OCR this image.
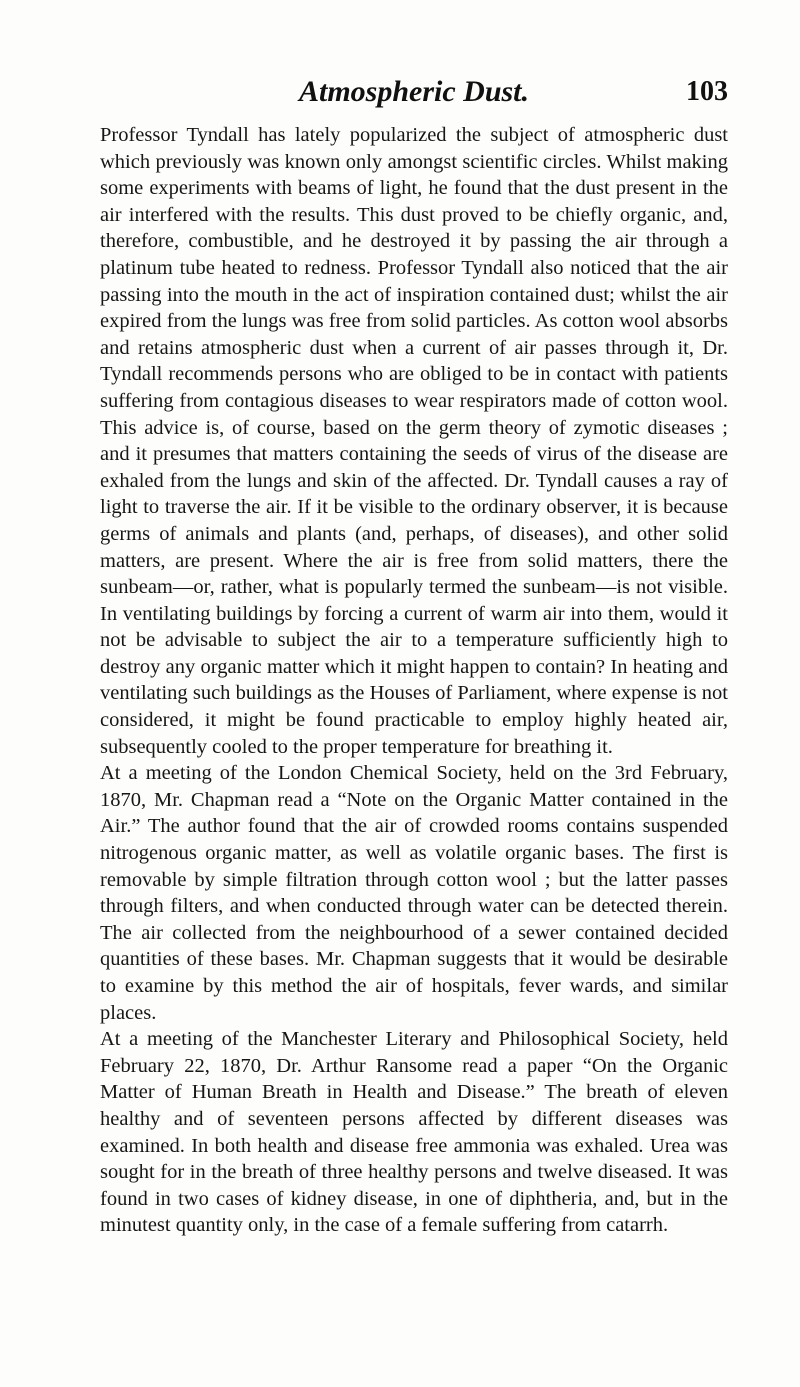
Atmospheric Dust.	103

Professor Tyndall has lately popularized the subject of atmospheric dust which previously was known only amongst scientific circles. Whilst making some experiments with beams of light, he found that the dust present in the air interfered with the results. This dust proved to be chiefly organic, and, therefore, combustible, and he destroyed it by passing the air through a platinum tube heated to redness. Professor Tyndall also noticed that the air passing into the mouth in the act of inspiration contained dust; whilst the air expired from the lungs was free from solid particles. As cotton wool absorbs and retains atmospheric dust when a current of air passes through it, Dr. Tyndall recommends persons who are obliged to be in contact with patients suffering from contagious diseases to wear respirators made of cotton wool. This advice is, of course, based on the germ theory of zymotic diseases ; and it presumes that matters containing the seeds of virus of the disease are exhaled from the lungs and skin of the affected. Dr. Tyndall causes a ray of light to traverse the air. If it be visible to the ordinary observer, it is because germs of animals and plants (and, perhaps, of diseases), and other solid matters, are present. Where the air is free from solid matters, there the sunbeam—or, rather, what is popularly termed the sunbeam—is not visible. In ventilating buildings by forcing a current of warm air into them, would it not be advisable to subject the air to a temperature sufficiently high to destroy any organic matter which it might happen to contain? In heating and ventilating such buildings as the Houses of Parliament, where expense is not considered, it might be found practicable to employ highly heated air, subsequently cooled to the proper temperature for breathing it.

At a meeting of the London Chemical Society, held on the 3rd February, 1870, Mr. Chapman read a “Note on the Organic Matter contained in the Air.” The author found that the air of crowded rooms contains suspended nitrogenous organic matter, as well as volatile organic bases. The first is removable by simple filtration through cotton wool ; but the latter passes through filters, and when conducted through water can be detected therein. The air collected from the neighbourhood of a sewer contained decided quantities of these bases. Mr. Chapman suggests that it would be desirable to examine by this method the air of hospitals, fever wards, and similar places.

At a meeting of the Manchester Literary and Philosophical Society, held February 22, 1870, Dr. Arthur Ransome read a paper “On the Organic Matter of Human Breath in Health and Disease.” The breath of eleven healthy and of seventeen persons affected by different diseases was examined. In both health and disease free ammonia was exhaled. Urea was sought for in the breath of three healthy persons and twelve diseased. It was found in two cases of kidney disease, in one of diphtheria, and, but in the minutest quantity only, in the case of a female suffering from catarrh.
